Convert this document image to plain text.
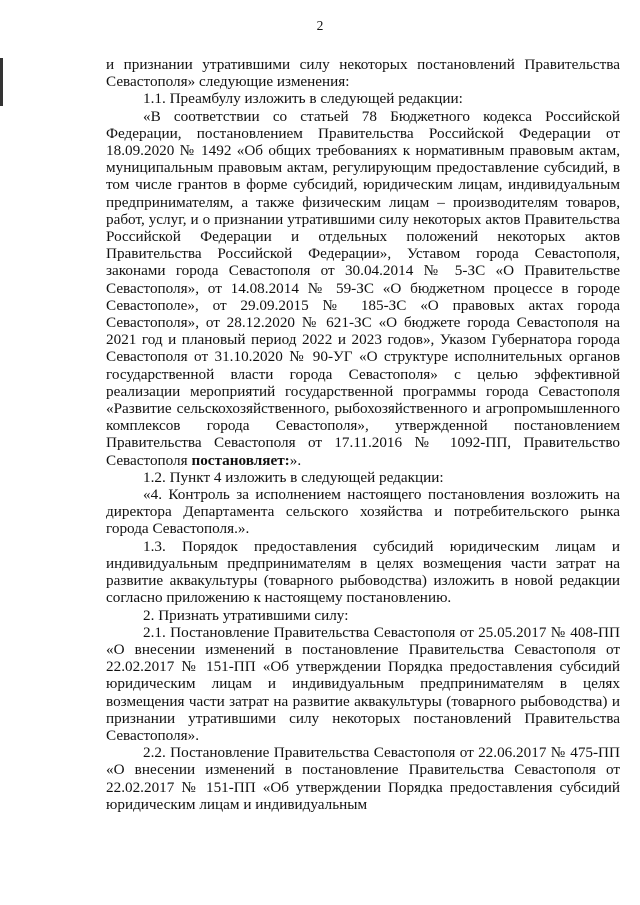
2

и признании утратившими силу некоторых постановлений Правительства Севастополя» следующие изменения:

1.1. Преамбулу изложить в следующей редакции:

«В соответствии со статьей 78 Бюджетного кодекса Российской Федерации, постановлением Правительства Российской Федерации от 18.09.2020 № 1492 «Об общих требованиях к нормативным правовым актам, муниципальным правовым актам, регулирующим предоставление субсидий, в том числе грантов в форме субсидий, юридическим лицам, индивидуальным предпринимателям, а также физическим лицам – производителям товаров, работ, услуг, и о признании утратившими силу некоторых актов Правительства Российской Федерации и отдельных положений некоторых актов Правительства Российской Федерации», Уставом города Севастополя, законами города Севастополя от 30.04.2014 № 5-ЗС «О Правительстве Севастополя», от 14.08.2014 № 59-ЗС «О бюджетном процессе в городе Севастополе», от 29.09.2015 № 185-ЗС «О правовых актах города Севастополя», от 28.12.2020 № 621-ЗС «О бюджете города Севастополя на 2021 год и плановый период 2022 и 2023 годов», Указом Губернатора города Севастополя от 31.10.2020 № 90-УГ «О структуре исполнительных органов государственной власти города Севастополя» с целью эффективной реализации мероприятий государственной программы города Севастополя «Развитие сельскохозяйственного, рыбохозяйственного и агропромышленного комплексов города Севастополя», утвержденной постановлением Правительства Севастополя от 17.11.2016 № 1092-ПП, Правительство Севастополя постановляет:».

1.2. Пункт 4 изложить в следующей редакции:

«4. Контроль за исполнением настоящего постановления возложить на директора Департамента сельского хозяйства и потребительского рынка города Севастополя.».

1.3. Порядок предоставления субсидий юридическим лицам и индивидуальным предпринимателям в целях возмещения части затрат на развитие аквакультуры (товарного рыбоводства) изложить в новой редакции согласно приложению к настоящему постановлению.

2. Признать утратившими силу:

2.1. Постановление Правительства Севастополя от 25.05.2017 № 408-ПП «О внесении изменений в постановление Правительства Севастополя от 22.02.2017 № 151-ПП «Об утверждении Порядка предоставления субсидий юридическим лицам и индивидуальным предпринимателям в целях возмещения части затрат на развитие аквакультуры (товарного рыбоводства) и признании утратившими силу некоторых постановлений Правительства Севастополя».

2.2. Постановление Правительства Севастополя от 22.06.2017 № 475-ПП «О внесении изменений в постановление Правительства Севастополя от 22.02.2017 № 151-ПП «Об утверждении Порядка предоставления субсидий юридическим лицам и индивидуальным
